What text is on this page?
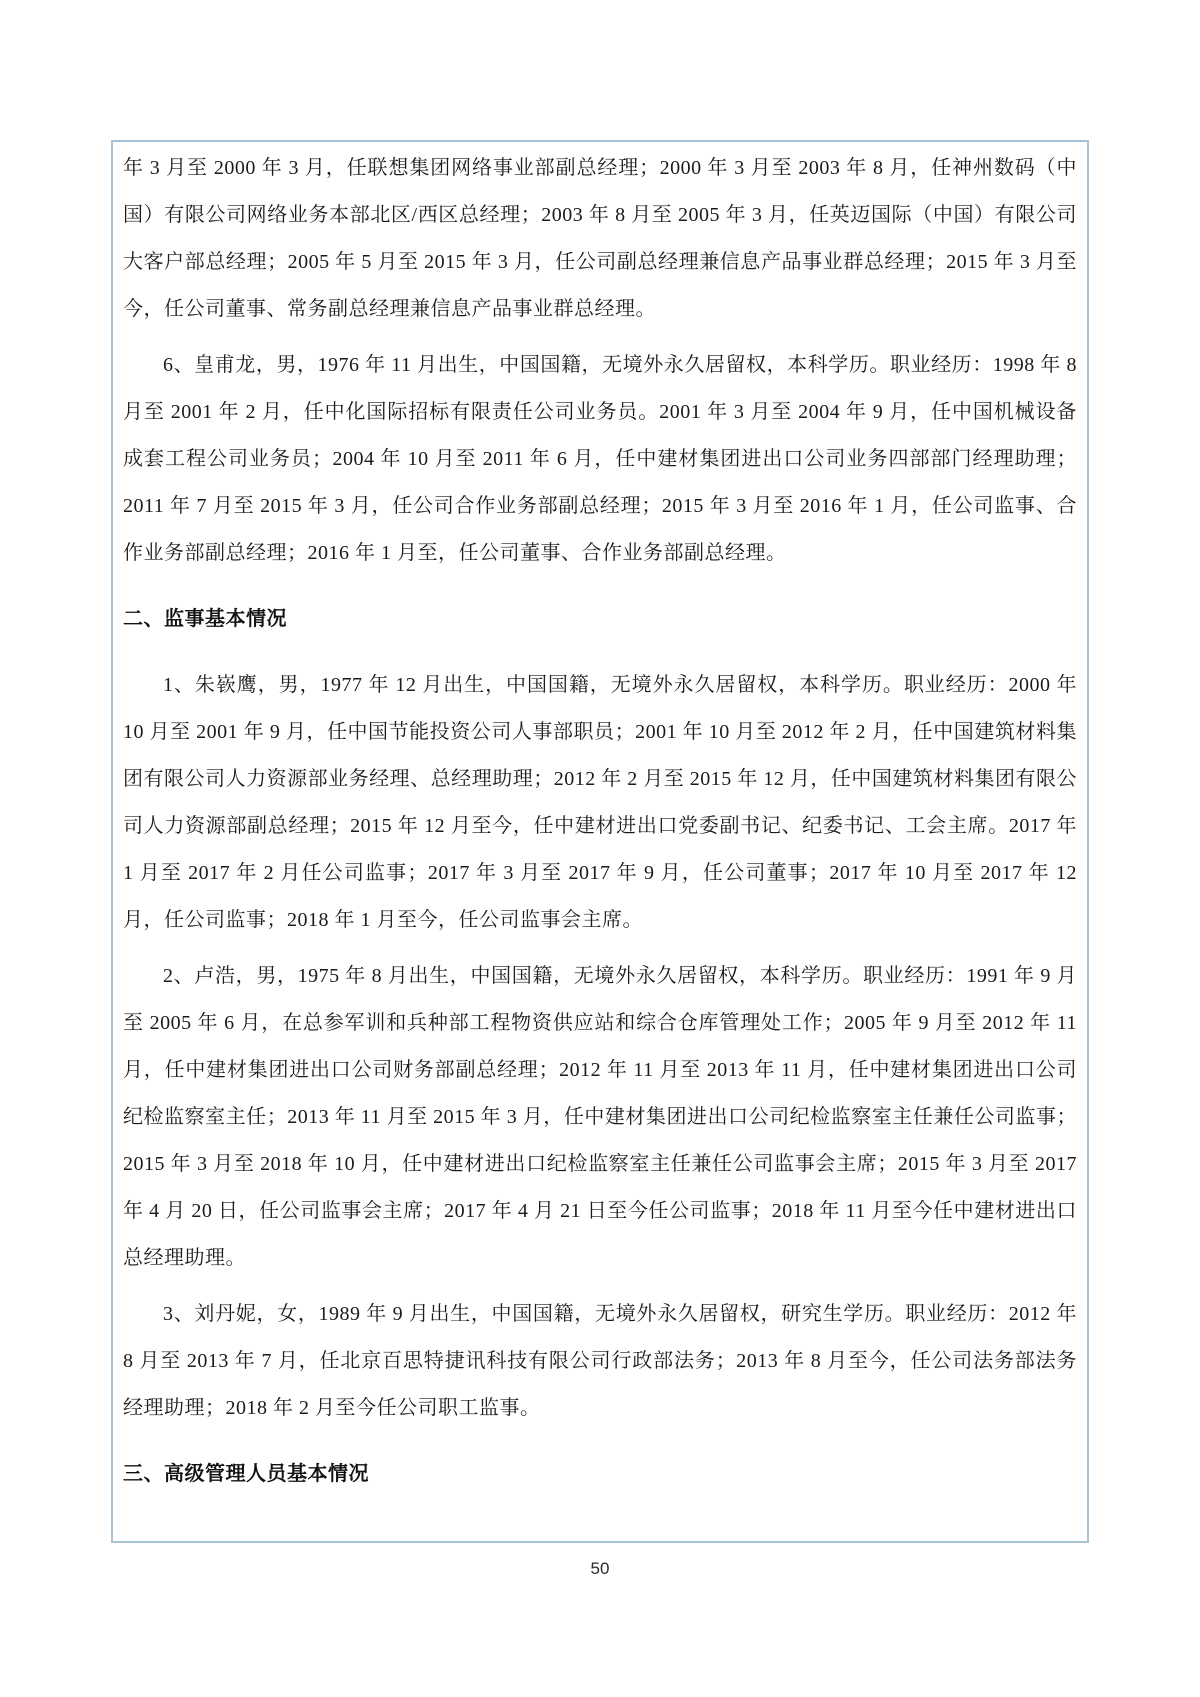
年 3 月至 2000 年 3 月，任联想集团网络事业部副总经理；2000 年 3 月至 2003 年 8 月，任神州数码（中国）有限公司网络业务本部北区/西区总经理；2003 年 8 月至 2005 年 3 月，任英迈国际（中国）有限公司大客户部总经理；2005 年 5 月至 2015 年 3 月，任公司副总经理兼信息产品事业群总经理；2015 年 3 月至今，任公司董事、常务副总经理兼信息产品事业群总经理。

6、皇甫龙，男，1976 年 11 月出生，中国国籍，无境外永久居留权，本科学历。职业经历：1998 年 8 月至 2001 年 2 月，任中化国际招标有限责任公司业务员。2001 年 3 月至 2004 年 9 月，任中国机械设备成套工程公司业务员；2004 年 10 月至 2011 年 6 月，任中建材集团进出口公司业务四部部门经理助理；2011 年 7 月至 2015 年 3 月，任公司合作业务部副总经理；2015 年 3 月至 2016 年 1 月，任公司监事、合作业务部副总经理；2016 年 1 月至，任公司董事、合作业务部副总经理。

二、监事基本情况

1、朱嵚鹰，男，1977 年 12 月出生，中国国籍，无境外永久居留权，本科学历。职业经历：2000 年 10 月至 2001 年 9 月，任中国节能投资公司人事部职员；2001 年 10 月至 2012 年 2 月，任中国建筑材料集团有限公司人力资源部业务经理、总经理助理；2012 年 2 月至 2015 年 12 月，任中国建筑材料集团有限公司人力资源部副总经理；2015 年 12 月至今，任中建材进出口党委副书记、纪委书记、工会主席。2017 年 1 月至 2017 年 2 月任公司监事；2017 年 3 月至 2017 年 9 月，任公司董事；2017 年 10 月至 2017 年 12 月，任公司监事；2018 年 1 月至今，任公司监事会主席。

2、卢浩，男，1975 年 8 月出生，中国国籍，无境外永久居留权，本科学历。职业经历：1991 年 9 月至 2005 年 6 月，在总参军训和兵种部工程物资供应站和综合仓库管理处工作；2005 年 9 月至 2012 年 11 月，任中建材集团进出口公司财务部副总经理；2012 年 11 月至 2013 年 11 月，任中建材集团进出口公司纪检监察室主任；2013 年 11 月至 2015 年 3 月，任中建材集团进出口公司纪检监察室主任兼任公司监事； 2015 年 3 月至 2018 年 10 月，任中建材进出口纪检监察室主任兼任公司监事会主席；2015 年 3 月至 2017 年 4 月 20 日，任公司监事会主席；2017 年 4 月 21 日至今任公司监事；2018 年 11 月至今任中建材进出口总经理助理。

3、刘丹妮，女，1989 年 9 月出生，中国国籍，无境外永久居留权，研究生学历。职业经历：2012 年 8 月至 2013 年 7 月，任北京百思特捷讯科技有限公司行政部法务；2013 年 8 月至今，任公司法务部法务经理助理；2018 年 2 月至今任公司职工监事。

三、高级管理人员基本情况
50
